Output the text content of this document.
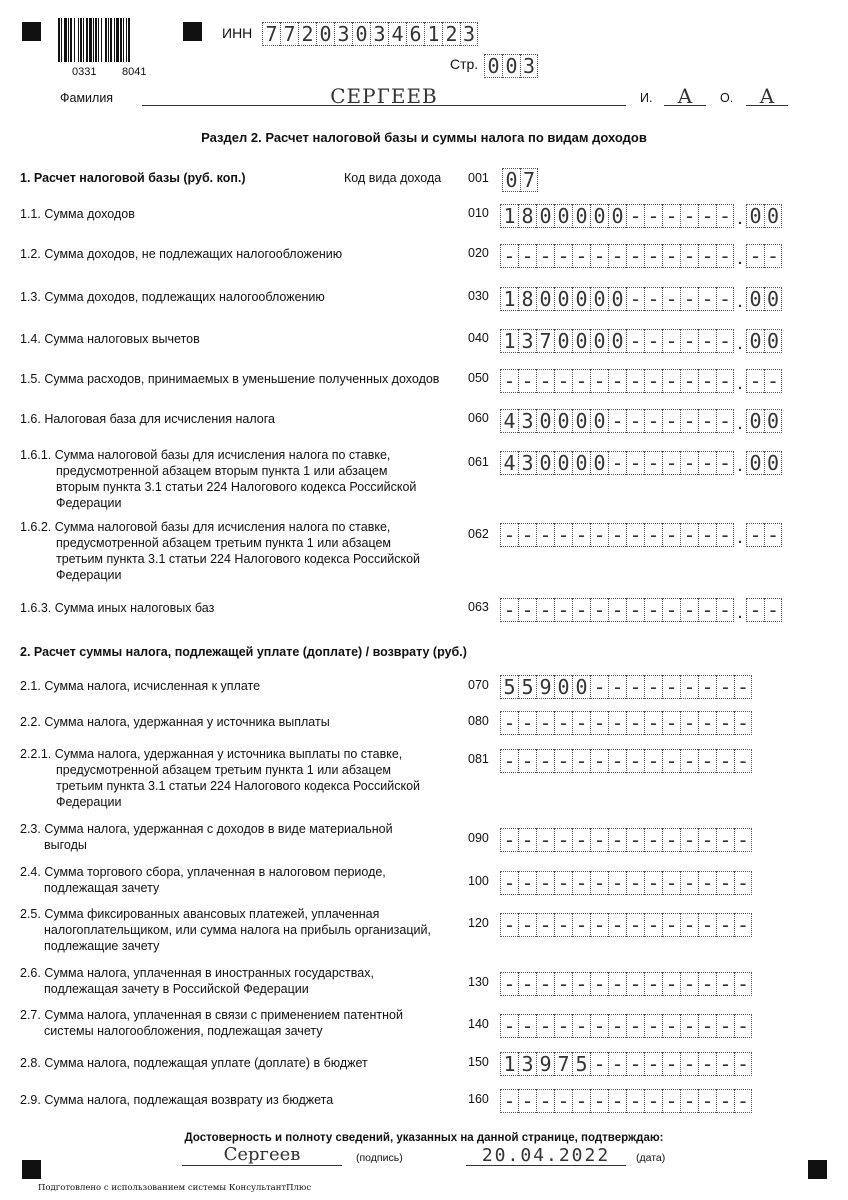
0331 8041
ИНН 7 7 2 0 3 0 3 4 6 1 2 3
Стр. 0 0 3
Фамилия	СЕРГЕЕВ	И.	А	О.	А
Раздел 2. Расчет налоговой базы и суммы налога по видам доходов
1. Расчет налоговой базы (руб. коп.)	Код вида дохода 001 0 7
1.1. Сумма доходов	010 1 8 0 0 0 0 0 - - - - - - . 0 0
1.2. Сумма доходов, не подлежащих налогообложению	020 - - - - - - - - - - - - - . - -
1.3. Сумма доходов, подлежащих налогообложению	030 1 8 0 0 0 0 0 - - - - - - . 0 0
1.4. Сумма налоговых вычетов	040 1 3 7 0 0 0 0 - - - - - - . 0 0
1.5. Сумма расходов, принимаемых в уменьшение полученных доходов 050 - - - - - - - - - - - - - . - -
1.6. Налоговая база для исчисления налога	060 4 3 0 0 0 0 - - - - - - - . 0 0
1.6.1. Сумма налоговой базы для исчисления налога по ставке,
предусмотренной абзацем вторым пункта 1 или абзацем
вторым пункта 3.1 статьи 224 Налогового кодекса Российской
Федерации
061 4 3 0 0 0 0 - - - - - - - . 0 0
1.6.2. Сумма налоговой базы для исчисления налога по ставке,
предусмотренной абзацем третьим пункта 1 или абзацем
третьим пункта 3.1 статьи 224 Налогового кодекса Российской
Федерации
062 - - - - - - - - - - - - - . - -
1.6.3. Сумма иных налоговых баз	063 - - - - - - - - - - - - - . - -
2. Расчет суммы налога, подлежащей уплате (доплате) / возврату (руб.)
2.1. Сумма налога, исчисленная к уплате	070 5 5 9 0 0 - - - - - - - - -
2.2. Сумма налога, удержанная у источника выплаты	080 - - - - - - - - - - - - - -
2.2.1. Сумма налога, удержанная у источника выплаты по ставке,
предусмотренной абзацем третьим пункта 1 или абзацем
третьим пункта 3.1 статьи 224 Налогового кодекса Российской
Федерации
081 - - - - - - - - - - - - - -
2.3. Сумма налога, удержанная с доходов в виде материальной
выгоды	090 - - - - - - - - - - - - - -
2.4. Сумма торгового сбора, уплаченная в налоговом периоде,
подлежащая зачету	100 - - - - - - - - - - - - - -
2.5. Сумма фиксированных авансовых платежей, уплаченная
налогоплательщиком, или сумма налога на прибыль организаций,
подлежащие зачету
120 - - - - - - - - - - - - - -
2.6. Сумма налога, уплаченная в иностранных государствах,
подлежащая зачету в Российской Федерации	130 - - - - - - - - - - - - - -
2.7. Сумма налога, уплаченная в связи с применением патентной
системы налогообложения, подлежащая зачету	140 - - - - - - - - - - - - - -
2.8. Сумма налога, подлежащая уплате (доплате) в бюджет	150 1 3 9 7 5 - - - - - - - - -
2.9. Сумма налога, подлежащая возврату из бюджета	160 - - - - - - - - - - - - - -
Достоверность и полноту сведений, указанных на данной странице, подтверждаю:
Сергеев	(подпись)	20.04.2022	(дата)
Подготовлено с использованием системы КонсультантПлюс
